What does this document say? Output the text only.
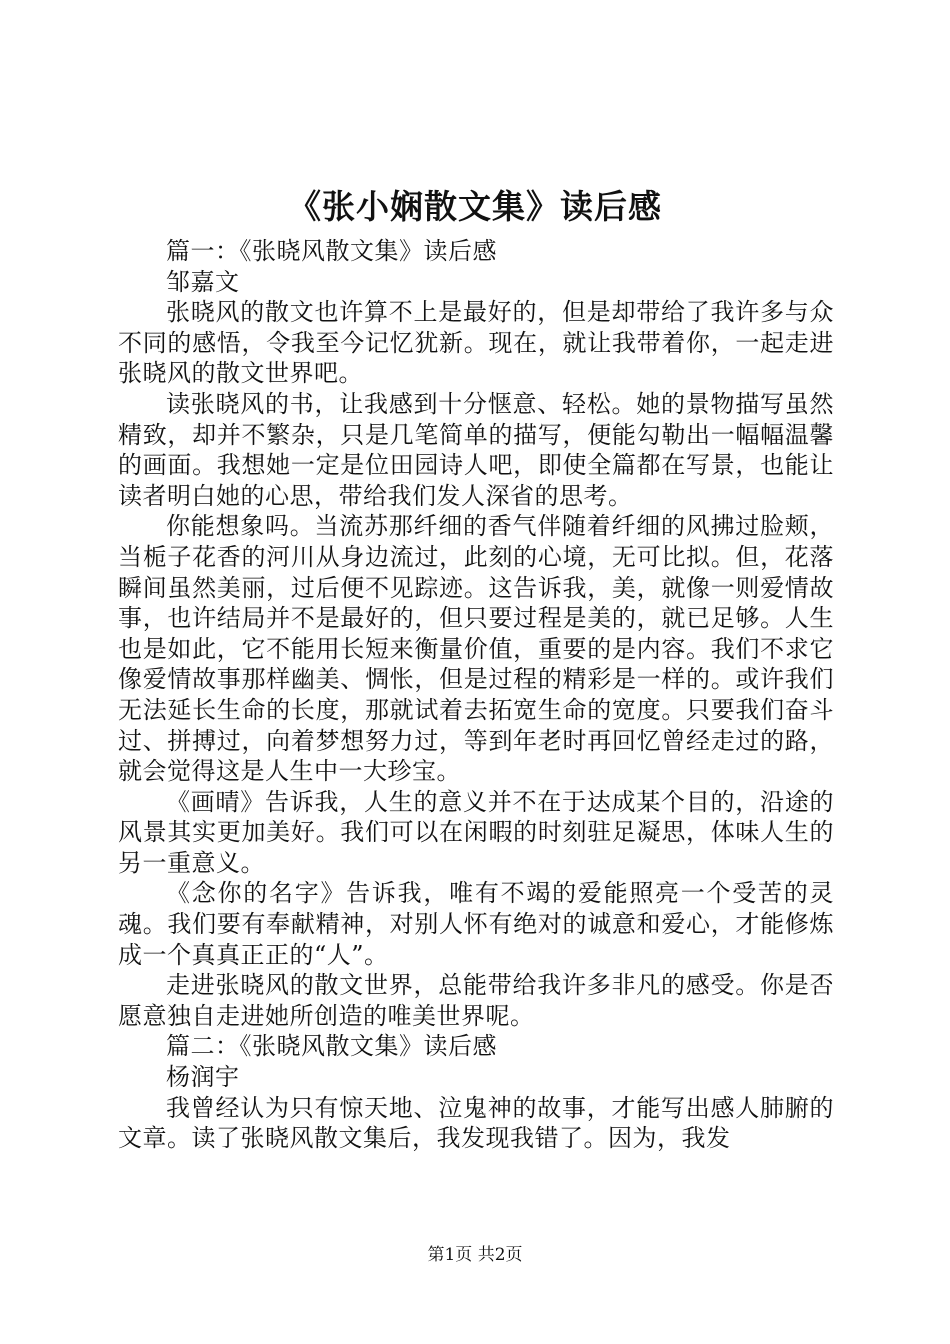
《张小娴散文集》读后感

篇一：《张晓风散文集》读后感

邹嘉文

张晓风的散文也许算不上是最好的，但是却带给了我许多与众不同的感悟，令我至今记忆犹新。现在，就让我带着你，一起走进张晓风的散文世界吧。

读张晓风的书，让我感到十分惬意、轻松。她的景物描写虽然精致，却并不繁杂，只是几笔简单的描写，便能勾勒出一幅幅温馨的画面。我想她一定是位田园诗人吧，即使全篇都在写景，也能让读者明白她的心思，带给我们发人深省的思考。

你能想象吗。当流苏那纤细的香气伴随着纤细的风拂过脸颊，当栀子花香的河川从身边流过，此刻的心境，无可比拟。但，花落瞬间虽然美丽，过后便不见踪迹。这告诉我，美，就像一则爱情故事，也许结局并不是最好的，但只要过程是美的，就已足够。人生也是如此，它不能用长短来衡量价值，重要的是内容。我们不求它像爱情故事那样幽美、惆怅，但是过程的精彩是一样的。或许我们无法延长生命的长度，那就试着去拓宽生命的宽度。只要我们奋斗过、拼搏过，向着梦想努力过，等到年老时再回忆曾经走过的路，就会觉得这是人生中一大珍宝。

《画晴》告诉我，人生的意义并不在于达成某个目的，沿途的风景其实更加美好。我们可以在闲暇的时刻驻足凝思，体味人生的另一重意义。

《念你的名字》告诉我，唯有不竭的爱能照亮一个受苦的灵魂。我们要有奉献精神，对别人怀有绝对的诚意和爱心，才能修炼成一个真真正正的“人”。

走进张晓风的散文世界，总能带给我许多非凡的感受。你是否愿意独自走进她所创造的唯美世界呢。

篇二：《张晓风散文集》读后感

杨润宇

我曾经认为只有惊天地、泣鬼神的故事，才能写出感人肺腑的文章。读了张晓风散文集后，我发现我错了。因为，我发

第1页 共2页
